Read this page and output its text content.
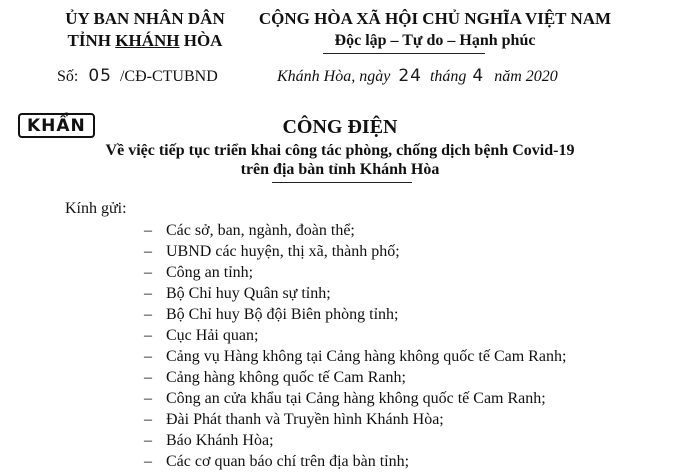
ỦY BAN NHÂN DÂN
TỈNH KHÁNH HÒA
CỘNG HÒA XÃ HỘI CHỦ NGHĨA VIỆT NAM
Độc lập – Tự do – Hạnh phúc
Số: 05 /CĐ-CTUBND	Khánh Hòa, ngày 24 tháng 4 năm 2020
KHẨN	CÔNG ĐIỆN
Về việc tiếp tục triển khai công tác phòng, chống dịch bệnh Covid-19
trên địa bàn tỉnh Khánh Hòa
Kính gửi:
– Các sở, ban, ngành, đoàn thể;
– UBND các huyện, thị xã, thành phố;
– Công an tỉnh;
– Bộ Chỉ huy Quân sự tỉnh;
– Bộ Chỉ huy Bộ đội Biên phòng tỉnh;
– Cục Hải quan;
– Cảng vụ Hàng không tại Cảng hàng không quốc tế Cam Ranh;
– Cảng hàng không quốc tế Cam Ranh;
– Công an cửa khẩu tại Cảng hàng không quốc tế Cam Ranh;
– Đài Phát thanh và Truyền hình Khánh Hòa;
– Báo Khánh Hòa;
– Các cơ quan báo chí trên địa bàn tỉnh;
